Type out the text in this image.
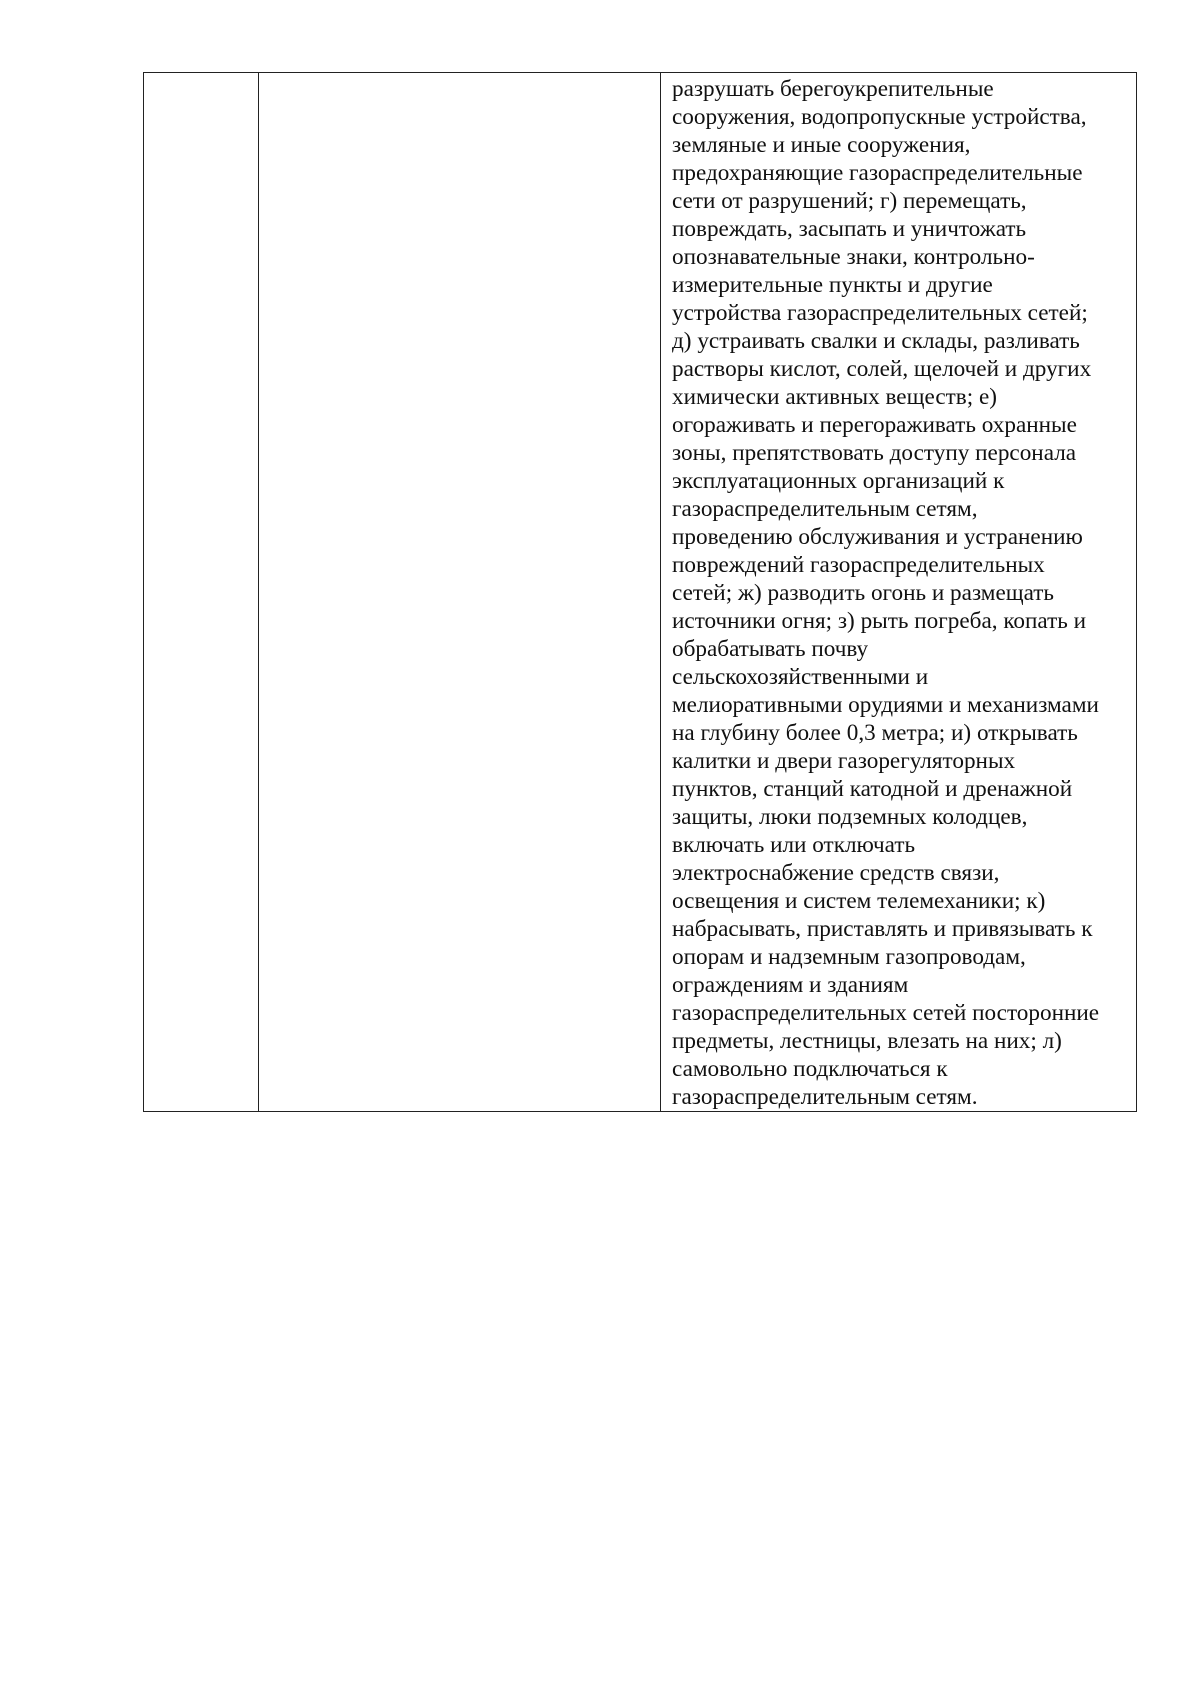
разрушать берегоукрепительные
сооружения, водопропускные устройства,
земляные и иные сооружения,
предохраняющие газораспределительные
сети от разрушений; г) перемещать,
повреждать, засыпать и уничтожать
опознавательные знаки, контрольно-
измерительные пункты и другие
устройства газораспределительных сетей;
д) устраивать свалки и склады, разливать
растворы кислот, солей, щелочей и других
химически активных веществ; е)
огораживать и перегораживать охранные
зоны, препятствовать доступу персонала
эксплуатационных организаций к
газораспределительным сетям,
проведению обслуживания и устранению
повреждений газораспределительных
сетей; ж) разводить огонь и размещать
источники огня; з) рыть погреба, копать и
обрабатывать почву
сельскохозяйственными и
мелиоративными орудиями и механизмами
на глубину более 0,3 метра; и) открывать
калитки и двери газорегуляторных
пунктов, станций катодной и дренажной
защиты, люки подземных колодцев,
включать или отключать
электроснабжение средств связи,
освещения и систем телемеханики; к)
набрасывать, приставлять и привязывать к
опорам и надземным газопроводам,
ограждениям и зданиям
газораспределительных сетей посторонние
предметы, лестницы, влезать на них; л)
самовольно подключаться к
газораспределительным сетям.
